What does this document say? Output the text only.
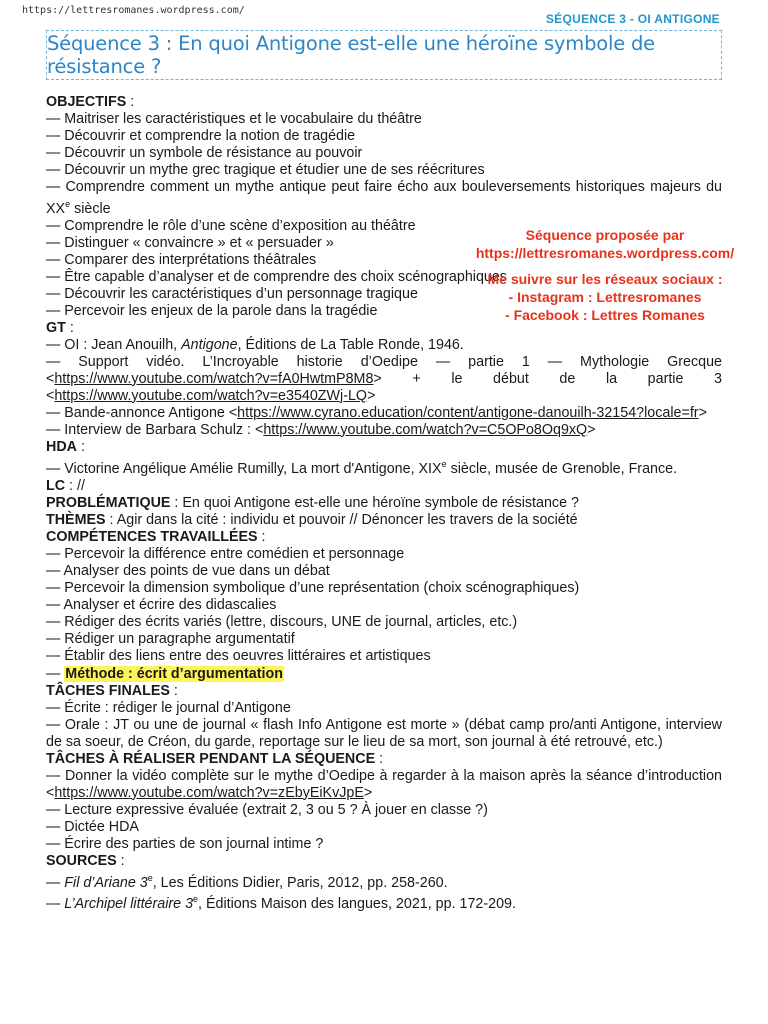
https://lettresromanes.wordpress.com/
SÉQUENCE 3 - OI ANTIGONE
Séquence 3 : En quoi Antigone est-elle une héroïne symbole de résistance ?

OBJECTIFS :

— Maitriser les caractéristiques et le vocabulaire du théâtre

— Découvrir et comprendre la notion de tragédie

— Découvrir un symbole de résistance au pouvoir

— Découvrir un mythe grec tragique et étudier une de ses réécritures

— Comprendre comment un mythe antique peut faire écho aux bouleversements historiques majeurs du XXe siècle

— Comprendre le rôle d’une scène d’exposition au théâtre

— Distinguer « convaincre » et « persuader »

— Comparer des interprétations théâtrales

— Être capable d’analyser et de comprendre des choix scénographiques

— Découvrir les caractéristiques d’un personnage tragique

— Percevoir les enjeux de la parole dans la tragédie

GT :

— OI : Jean Anouilh, Antigone, Éditions de La Table Ronde, 1946.

— Support vidéo. L’Incroyable historie d’Oedipe — partie 1 — Mythologie Grecque <https://www.youtube.com/watch?v=fA0HwtmP8M8> + le début de la partie 3 <https://www.youtube.com/watch?v=e3540ZWj-LQ>

— Bande-annonce Antigone <https://www.cyrano.education/content/antigone-danouilh-32154?locale=fr>

— Interview de Barbara Schulz : <https://www.youtube.com/watch?v=C5OPo8Oq9xQ>

HDA :

— Victorine Angélique Amélie Rumilly, La mort d'Antigone, XIXe siècle, musée de Grenoble, France.

LC : //

PROBLÉMATIQUE : En quoi Antigone est-elle une héroïne symbole de résistance ?

THÈMES : Agir dans la cité : individu et pouvoir // Dénoncer les travers de la société

COMPÉTENCES TRAVAILLÉES :

— Percevoir la différence entre comédien et personnage

— Analyser des points de vue dans un débat

— Percevoir la dimension symbolique d’une représentation (choix scénographiques)

— Analyser et écrire des didascalies

— Rédiger des écrits variés (lettre, discours, UNE de journal, articles, etc.)

— Rédiger un paragraphe argumentatif

— Établir des liens entre des oeuvres littéraires et artistiques

— Méthode : écrit d’argumentation

TÂCHES FINALES :

— Écrite : rédiger le journal d’Antigone

— Orale : JT ou une de journal « flash Info Antigone est morte » (débat camp pro/anti Antigone, interview de sa soeur, de Créon, du garde, reportage sur le lieu de sa mort, son journal à été retrouvé, etc.)

TÂCHES À RÉALISER PENDANT LA SÉQUENCE :

— Donner la vidéo complète sur le mythe d’Oedipe à regarder à la maison après la séance d’introduction <https://www.youtube.com/watch?v=zEbyEiKvJpE>

— Lecture expressive évaluée (extrait 2, 3 ou 5 ? À jouer en classe ?)

— Dictée HDA

— Écrire des parties de son journal intime ?

SOURCES :

— Fil d’Ariane 3e, Les Éditions Didier, Paris, 2012, pp. 258-260.

— L’Archipel littéraire 3e, Éditions Maison des langues, 2021, pp. 172-209.

Séquence proposée par
https://lettresromanes.wordpress.com/
Me suivre sur les réseaux sociaux :
- Instagram : Lettresromanes
- Facebook : Lettres Romanes
